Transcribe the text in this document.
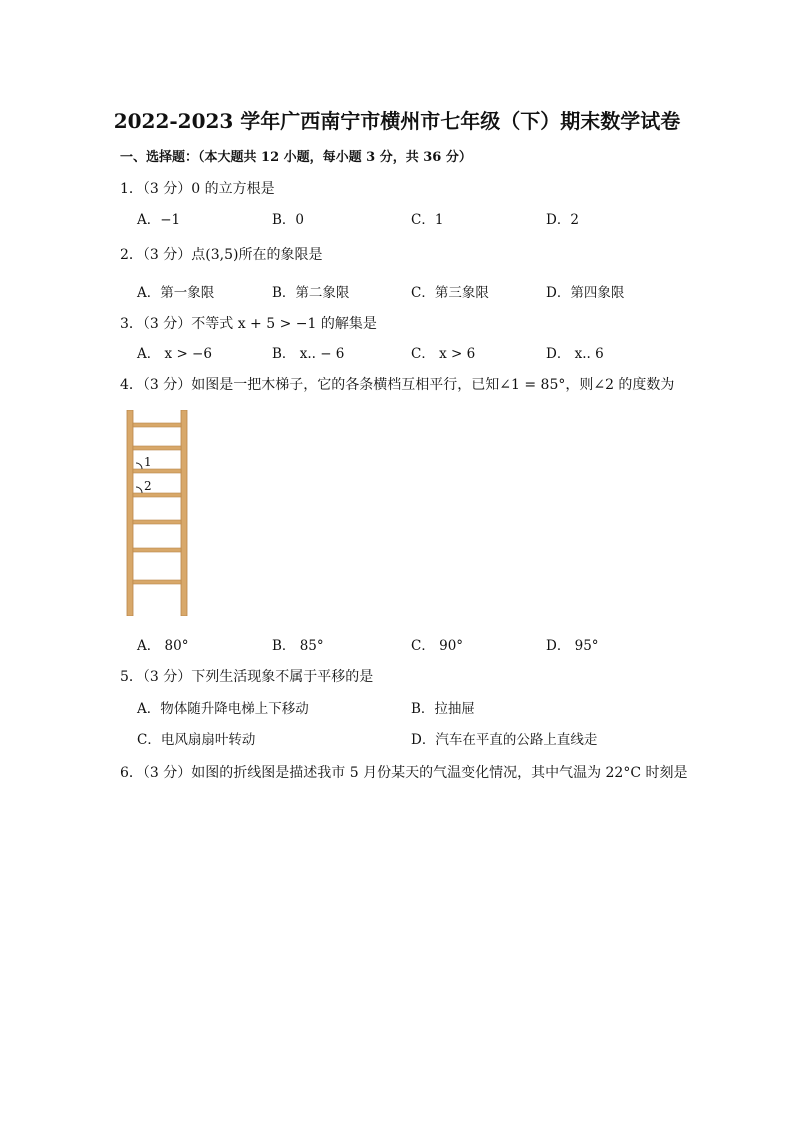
2022-2023 学年广西南宁市横州市七年级（下）期末数学试卷
一、选择题：（本大题共 12 小题，每小题 3 分，共 36 分）
1．（3 分）0 的立方根是
A．−1	B．0	C．1	D．2
2．（3 分）点(3,5)所在的象限是
A．第一象限	B．第二象限	C．第三象限	D．第四象限
3．（3 分）不等式 x + 5 > −1 的解集是
A． x > −6	B． x.. − 6	C． x > 6	D． x.. 6
4．（3 分）如图是一把木梯子，它的各条横档互相平行，已知∠1 = 85°，则∠2 的度数为
1
2
A． 80°	B． 85°	C． 90°	D． 95°
5．（3 分）下列生活现象不属于平移的是
A．物体随升降电梯上下移动	B．拉抽屉
C．电风扇扇叶转动	D．汽车在平直的公路上直线走
6．（3 分）如图的折线图是描述我市 5 月份某天的气温变化情况，其中气温为 22°C 时刻是
